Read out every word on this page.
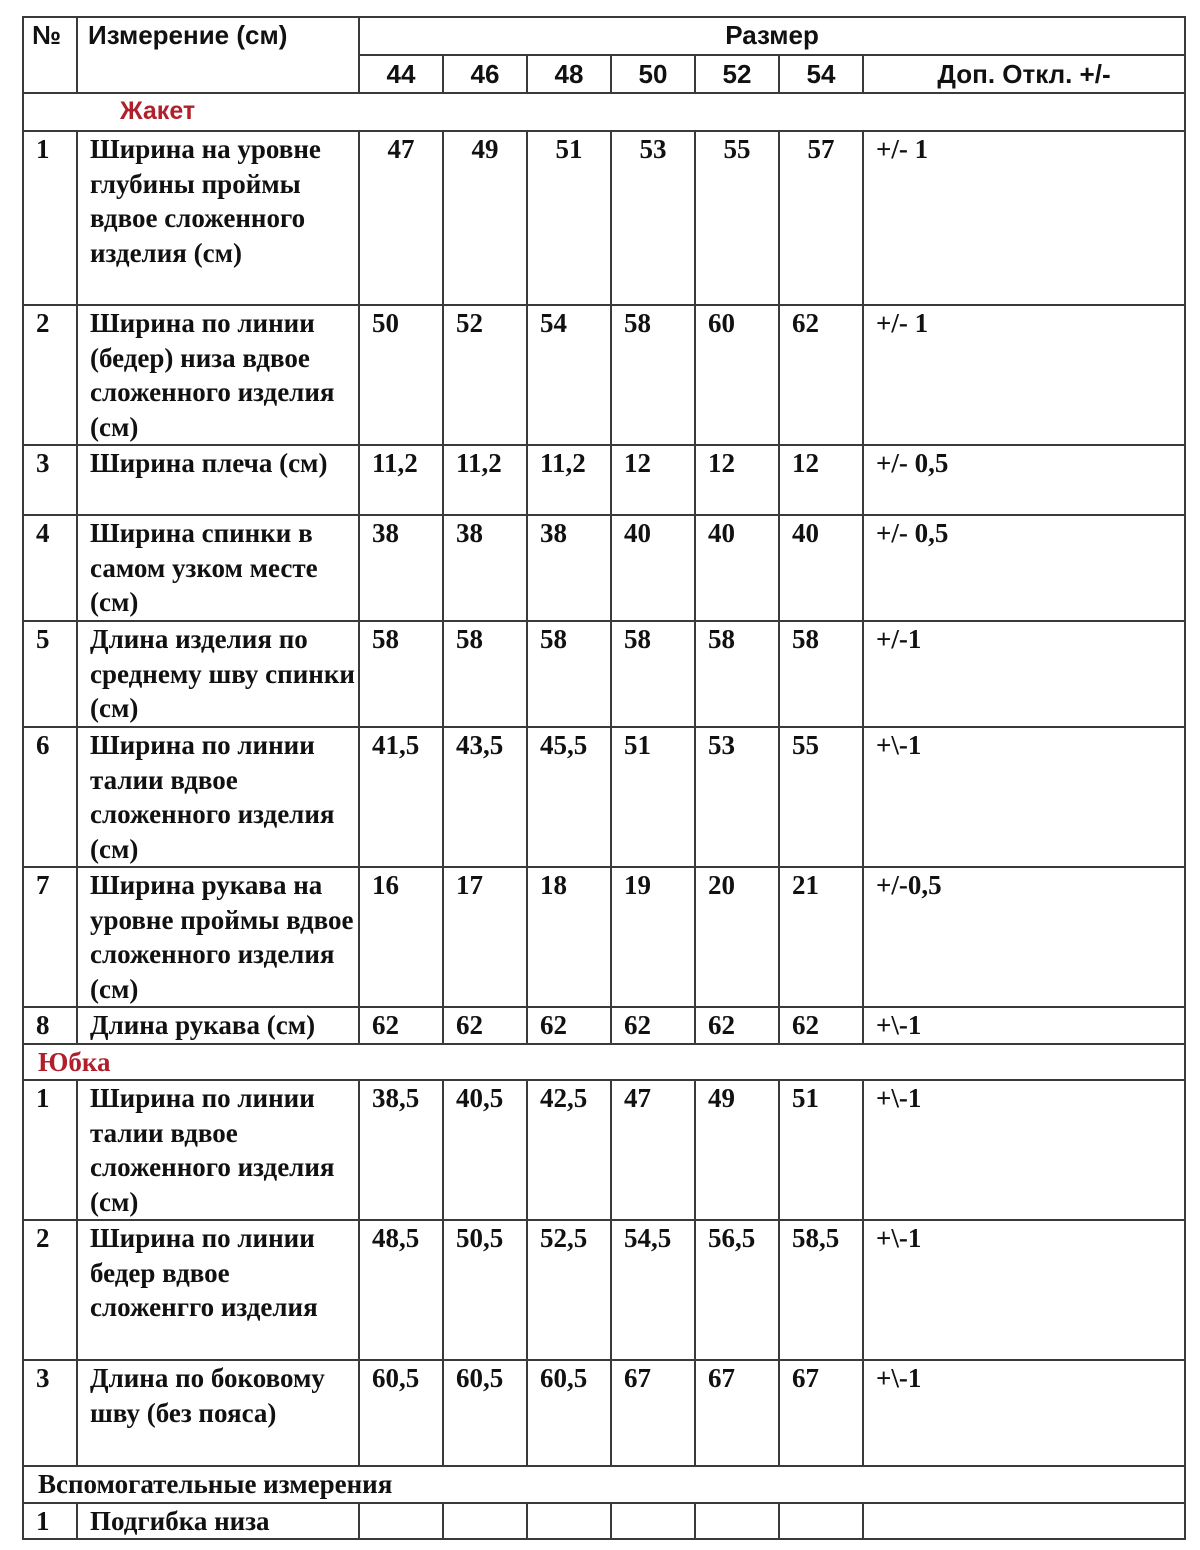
№	Измерение (см)	Размер						
		44	46	48	50	52	54	Доп. Откл. +/-
Жакет								
1	Ширина на уровне глубины проймы вдвое сложенного изделия (см)	47	49	51	53	55	57	+/- 1
2	Ширина по линии (бедер) низа вдвое сложенного изделия (см)	50	52	54	58	60	62	+/- 1
3	Ширина плеча (см)	11,2	11,2	11,2	12	12	12	+/- 0,5
4	Ширина спинки в самом узком месте (см)	38	38	38	40	40	40	+/- 0,5
5	Длина изделия по среднему шву спинки (см)	58	58	58	58	58	58	+/-1
6	Ширина по линии талии вдвое сложенного изделия (см)	41,5	43,5	45,5	51	53	55	+\-1
7	Ширина рукава на уровне проймы вдвое сложенного изделия (см)	16	17	18	19	20	21	+/-0,5
8	Длина рукава (см)	62	62	62	62	62	62	+\-1
Юбка								
1	Ширина по линии талии вдвое сложенного изделия (см)	38,5	40,5	42,5	47	49	51	+\-1
2	Ширина по линии бедер вдвое сложенгго изделия	48,5	50,5	52,5	54,5	56,5	58,5	+\-1
3	Длина по боковому шву (без пояса)	60,5	60,5	60,5	67	67	67	+\-1
Вспомогательные измерения								
1	Подгибка низа							
